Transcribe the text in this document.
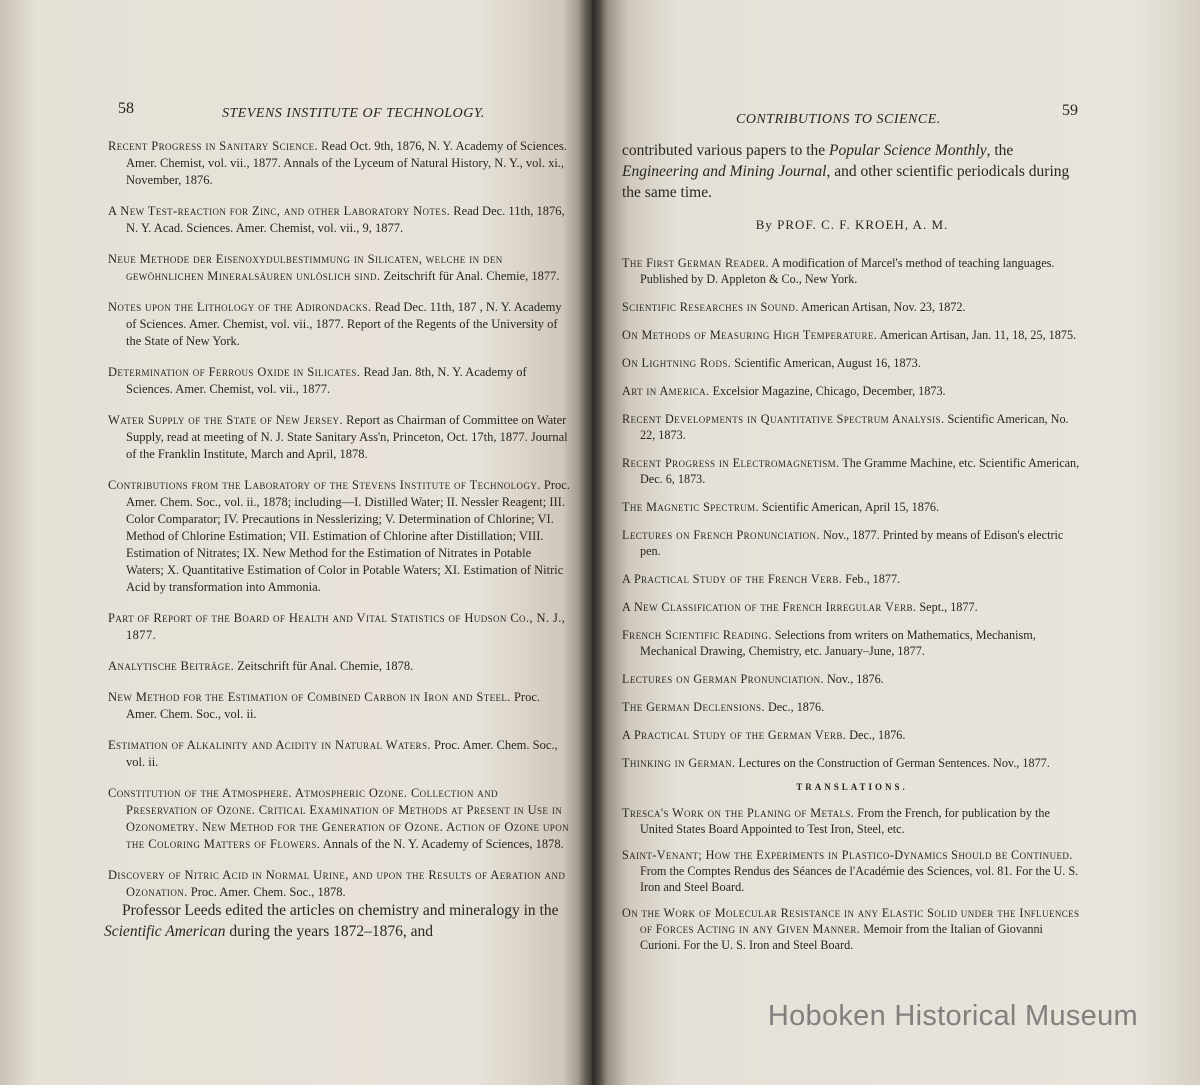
58	STEVENS INSTITUTE OF TECHNOLOGY.
Recent Progress in Sanitary Science. Read Oct. 9th, 1876, N. Y. Academy of Sciences. Amer. Chemist, vol. vii., 1877. Annals of the Lyceum of Natural History, N. Y., vol. xi., November, 1876.
A New Test-reaction for Zinc, and other Laboratory Notes. Read Dec. 11th, 1876, N. Y. Acad. Sciences. Amer. Chemist, vol. vii., 9, 1877.
Neue Methode der Eisenoxydulbestimmung in Silicaten, welche in den gewöhnlichen Mineralsäuren unlöslich sind. Zeitschrift für Anal. Chemie, 1877.
Notes upon the Lithology of the Adirondacks. Read Dec. 11th, 187 , N. Y. Academy of Sciences. Amer. Chemist, vol. vii., 1877. Report of the Regents of the University of the State of New York.
Determination of Ferrous Oxide in Silicates. Read Jan. 8th, N. Y. Academy of Sciences. Amer. Chemist, vol. vii., 1877.
Water Supply of the State of New Jersey. Report as Chairman of Committee on Water Supply, read at meeting of N. J. State Sanitary Ass'n, Princeton, Oct. 17th, 1877. Journal of the Franklin Institute, March and April, 1878.
Contributions from the Laboratory of the Stevens Institute of Technology. Proc. Amer. Chem. Soc., vol. ii., 1878; including—I. Distilled Water; II. Nessler Reagent; III. Color Comparator; IV. Precautions in Nesslerizing; V. Determination of Chlorine; VI. Method of Chlorine Estimation; VII. Estimation of Chlorine after Distillation; VIII. Estimation of Nitrates; IX. New Method for the Estimation of Nitrates in Potable Waters; X. Quantitative Estimation of Color in Potable Waters; XI. Estimation of Nitric Acid by transformation into Ammonia.
Part of Report of the Board of Health and Vital Statistics of Hudson Co., N. J., 1877.
Analytische Beiträge. Zeitschrift für Anal. Chemie, 1878.
New Method for the Estimation of Combined Carbon in Iron and Steel. Proc. Amer. Chem. Soc., vol. ii.
Estimation of Alkalinity and Acidity in Natural Waters. Proc. Amer. Chem. Soc., vol. ii.
Constitution of the Atmosphere. Atmospheric Ozone. Collection and Preservation of Ozone. Critical Examination of Methods at Present in Use in Ozonometry. New Method for the Generation of Ozone. Action of Ozone upon the Coloring Matters of Flowers. Annals of the N. Y. Academy of Sciences, 1878.
Discovery of Nitric Acid in Normal Urine, and upon the Results of Aeration and Ozonation. Proc. Amer. Chem. Soc., 1878.

Professor Leeds edited the articles on chemistry and mineralogy in the Scientific American during the years 1872–1876, and

CONTRIBUTIONS TO SCIENCE.
59

contributed various papers to the Popular Science Monthly, the Engineering and Mining Journal, and other scientific periodicals during the same time.

By PROF. C. F. KROEH, A. M.
The First German Reader. A modification of Marcel's method of teaching languages. Published by D. Appleton & Co., New York.
Scientific Researches in Sound. American Artisan, Nov. 23, 1872.
On Methods of Measuring High Temperature. American Artisan, Jan. 11, 18, 25, 1875.
On Lightning Rods. Scientific American, August 16, 1873.
Art in America. Excelsior Magazine, Chicago, December, 1873.
Recent Developments in Quantitative Spectrum Analysis. Scientific American, No. 22, 1873.
Recent Progress in Electromagnetism. The Gramme Machine, etc. Scientific American, Dec. 6, 1873.
The Magnetic Spectrum. Scientific American, April 15, 1876.
Lectures on French Pronunciation. Nov., 1877. Printed by means of Edison's electric pen.
A Practical Study of the French Verb. Feb., 1877.
A New Classification of the French Irregular Verb. Sept., 1877.
French Scientific Reading. Selections from writers on Mathematics, Mechanism, Mechanical Drawing, Chemistry, etc. January–June, 1877.
Lectures on German Pronunciation. Nov., 1876.
The German Declensions. Dec., 1876.
A Practical Study of the German Verb. Dec., 1876.
Thinking in German. Lectures on the Construction of German Sentences. Nov., 1877.
TRANSLATIONS.
Tresca's Work on the Planing of Metals. From the French, for publication by the United States Board Appointed to Test Iron, Steel, etc.
Saint-Venant; How the Experiments in Plastico-Dynamics Should be Continued. From the Comptes Rendus des Séances de l'Académie des Sciences, vol. 81. For the U. S. Iron and Steel Board.
On the Work of Molecular Resistance in any Elastic Solid under the Influences of Forces Acting in any Given Manner. Memoir from the Italian of Giovanni Curioni. For the U. S. Iron and Steel Board.
Hoboken Historical Museum
